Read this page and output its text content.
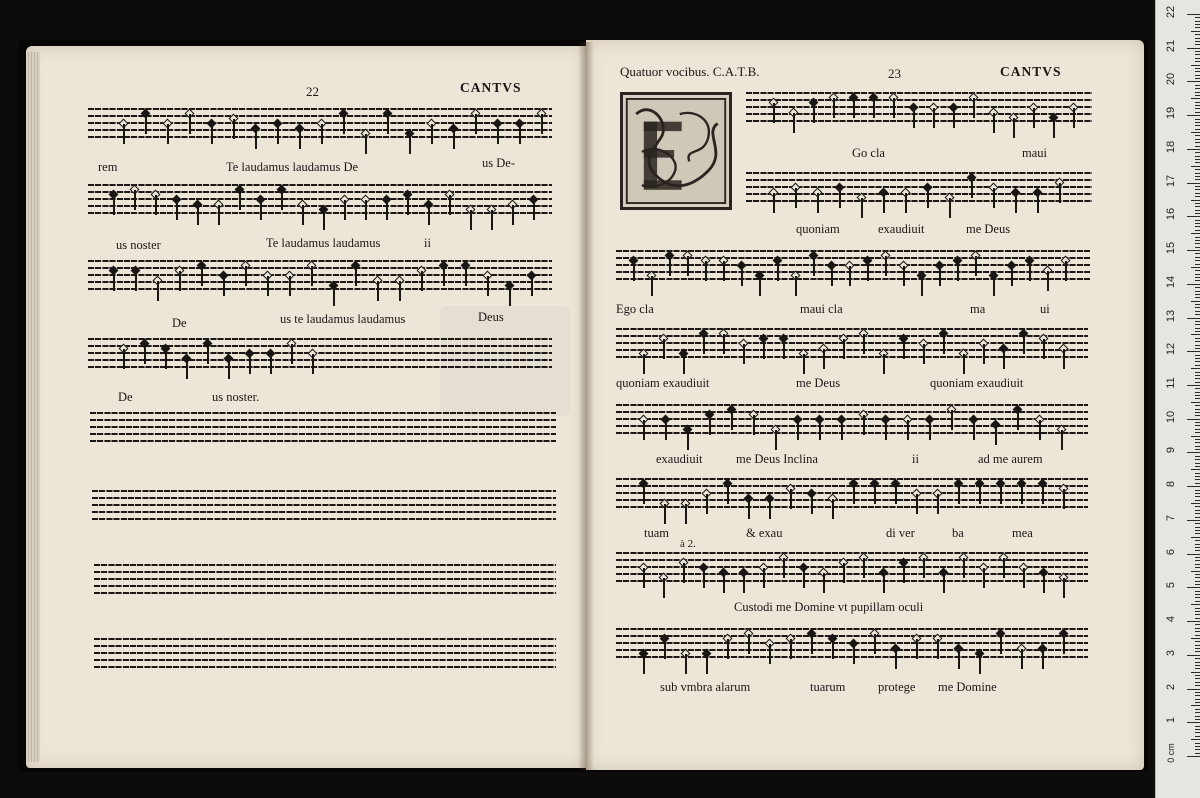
22	CANTVS
Quatuor vocibus. C.A.T.B.	23	CANTVS
rem	Te laudamus laudamus De	us De-
us noster	Te laudamus laudamus	ii
De	us te laudamus laudamus	Deus
De	us noster.
Go cla	maui
quoniam	exaudiuit	me Deus
Ego cla	maui cla	ma	ui
quoniam exaudiuit	me Deus	quoniam exaudiuit
exaudiuit	me Deus Inclina	ii	ad me aurem
tuam	& exau	di ver	ba	mea
à 2.
Custodi me Domine vt pupillam oculi
sub vmbra alarum	tuarum	protege me Domine
0 cm
1
2
3
4
5
6
7
8
9
10
11
12
13
14
15
16
17
18
19
20
21
22
